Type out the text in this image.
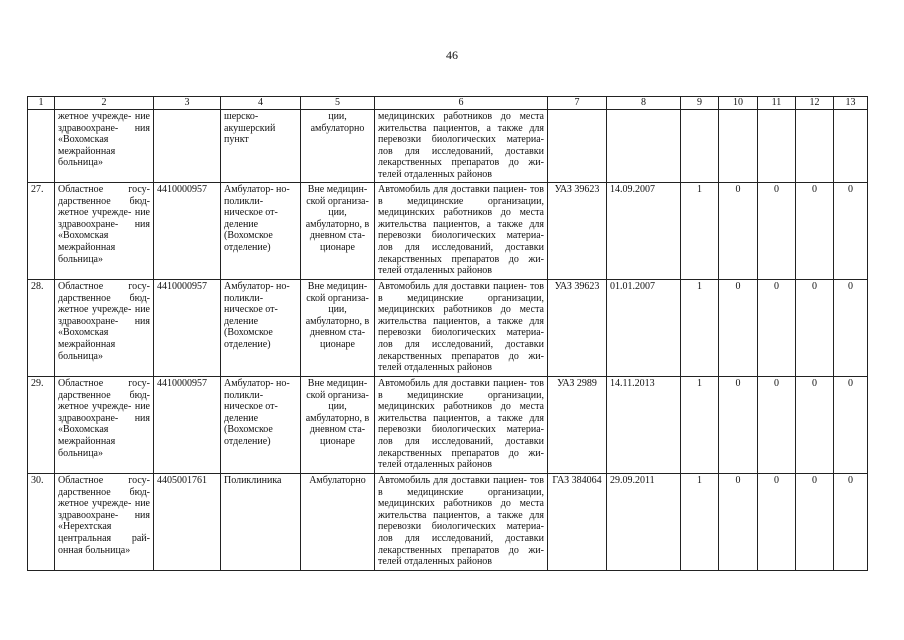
46
1	2	3	4	5	6	7	8	9	10	11	12	13
	жетное учрежде- ние здравоохране- ния «Вохомская межрайонная больница»		шерско-акушерский пункт	ции, амбулаторно	медицинских работников до места жительства пациентов, а также для перевозки биологических материа- лов для исследований, доставки лекарственных препаратов до жи- телей отдаленных районов							
27.	Областное госу- дарственное бюд- жетное учрежде- ние здравоохране- ния «Вохомская межрайонная больница»	4410000957	Амбулатор- но-поликли- ническое от- деление (Вохомское отделение)	Вне медицин- ской организа- ции, амбулаторно, в дневном ста- ционаре	Автомобиль для доставки пациен- тов в медицинские организации, медицинских работников до места жительства пациентов, а также для перевозки биологических материа- лов для исследований, доставки лекарственных препаратов до жи- телей отдаленных районов	УАЗ 39623	14.09.2007	1	0	0	0	0
28.	Областное госу- дарственное бюд- жетное учрежде- ние здравоохране- ния «Вохомская межрайонная больница»	4410000957	Амбулатор- но-поликли- ническое от- деление (Вохомское отделение)	Вне медицин- ской организа- ции, амбулаторно, в дневном ста- ционаре	Автомобиль для доставки пациен- тов в медицинские организации, медицинских работников до места жительства пациентов, а также для перевозки биологических материа- лов для исследований, доставки лекарственных препаратов до жи- телей отдаленных районов	УАЗ 39623	01.01.2007	1	0	0	0	0
29.	Областное госу- дарственное бюд- жетное учрежде- ние здравоохране- ния «Вохомская межрайонная больница»	4410000957	Амбулатор- но-поликли- ническое от- деление (Вохомское отделение)	Вне медицин- ской организа- ции, амбулаторно, в дневном ста- ционаре	Автомобиль для доставки пациен- тов в медицинские организации, медицинских работников до места жительства пациентов, а также для перевозки биологических материа- лов для исследований, доставки лекарственных препаратов до жи- телей отдаленных районов	УАЗ 2989	14.11.2013	1	0	0	0	0
30.	Областное госу- дарственное бюд- жетное учрежде- ние здравоохране- ния «Нерехтская центральная рай- онная больница»	4405001761	Поликлиника	Амбулаторно	Автомобиль для доставки пациен- тов в медицинские организации, медицинских работников до места жительства пациентов, а также для перевозки биологических материа- лов для исследований, доставки лекарственных препаратов до жи- телей отдаленных районов	ГАЗ 384064	29.09.2011	1	0	0	0	0
